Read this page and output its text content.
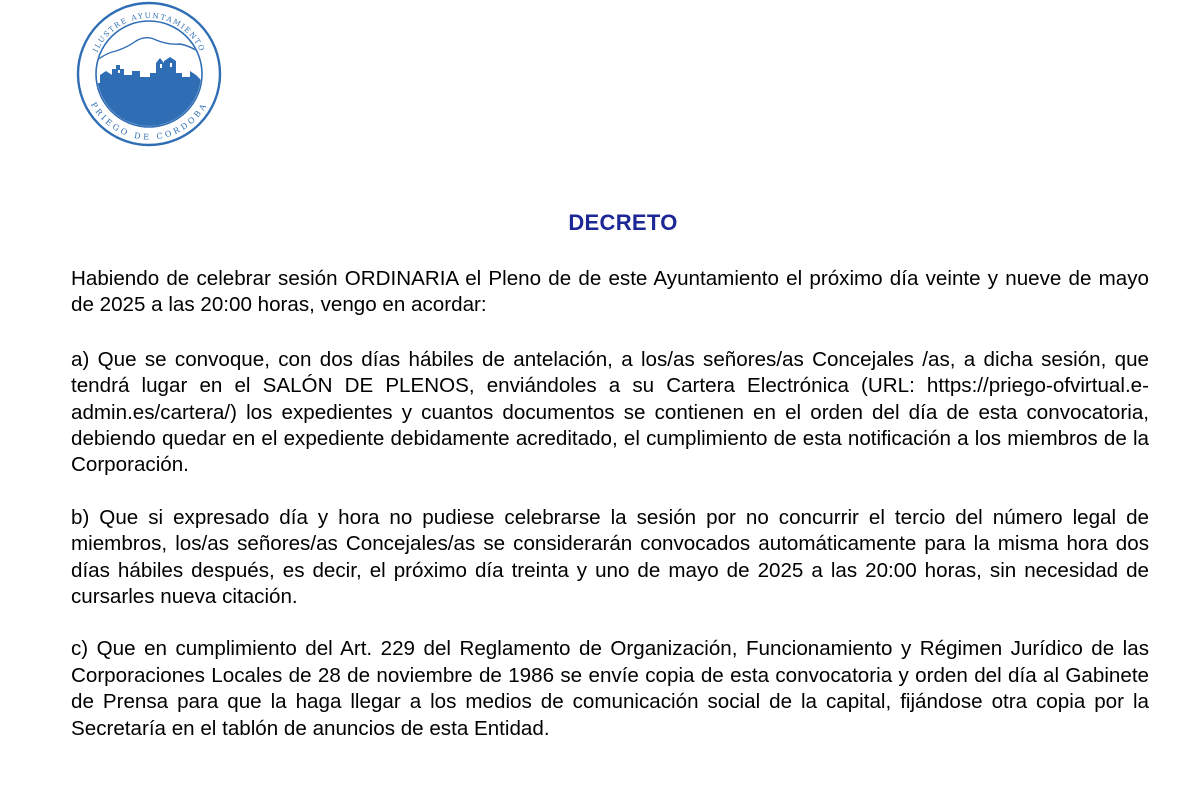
ILUSTRE AYUNTAMIENTO
PRIEGO DE CORDOBA
DECRETO

Habiendo de celebrar sesión ORDINARIA el Pleno de de este Ayuntamiento el próximo día veinte y nueve de mayo de 2025 a las 20:00 horas, vengo en acordar:

a) Que se convoque, con dos días hábiles de antelación, a los/as señores/as Concejales /as, a dicha sesión, que tendrá lugar en el SALÓN DE PLENOS, enviándoles a su Cartera Electrónica (URL: https://priego-ofvirtual.e-admin.es/cartera/) los expedientes y cuantos documentos se contienen en el orden del día de esta convocatoria, debiendo quedar en el expediente debidamente acreditado, el cumplimiento de esta notificación a los miembros de la Corporación.

b) Que si expresado día y hora no pudiese celebrarse la sesión por no concurrir el tercio del número legal de miembros, los/as señores/as Concejales/as se considerarán convocados automáticamente para la misma hora dos días hábiles después, es decir, el próximo día treinta y uno de mayo de 2025 a las 20:00 horas, sin necesidad de cursarles nueva citación.

c) Que en cumplimiento del Art. 229 del Reglamento de Organización, Funcionamiento y Régimen Jurídico de las Corporaciones Locales de 28 de noviembre de 1986 se envíe copia de esta convocatoria y orden del día al Gabinete de Prensa para que la haga llegar a los medios de comunicación social de la capital, fijándose otra copia por la Secretaría en el tablón de anuncios de esta Entidad.
